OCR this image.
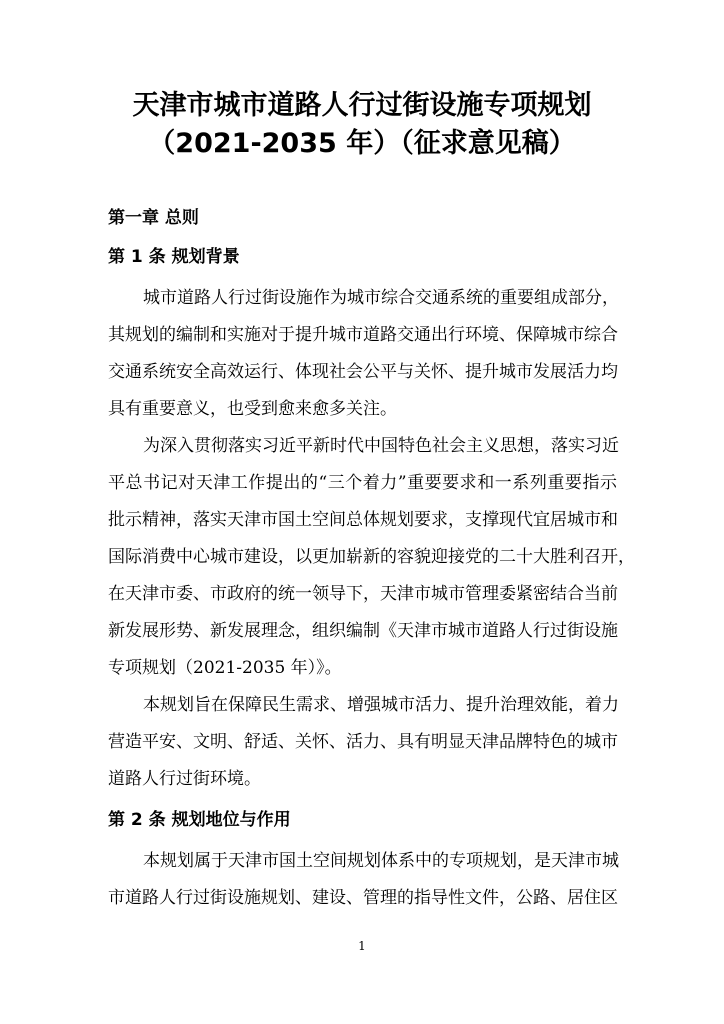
天津市城市道路人行过街设施专项规划
（2021-2035 年）（征求意见稿）
第一章 总则
第 1 条 规划背景
城市道路人行过街设施作为城市综合交通系统的重要组成部分，
其规划的编制和实施对于提升城市道路交通出行环境、保障城市综合
交通系统安全高效运行、体现社会公平与关怀、提升城市发展活力均
具有重要意义，也受到愈来愈多关注。
为深入贯彻落实习近平新时代中国特色社会主义思想，落实习近
平总书记对天津工作提出的“三个着力”重要要求和一系列重要指示
批示精神，落实天津市国土空间总体规划要求，支撑现代宜居城市和
国际消费中心城市建设，以更加崭新的容貌迎接党的二十大胜利召开，
在天津市委、市政府的统一领导下，天津市城市管理委紧密结合当前
新发展形势、新发展理念，组织编制《天津市城市道路人行过街设施
专项规划（2021-2035 年）》。
本规划旨在保障民生需求、增强城市活力、提升治理效能，着力
营造平安、文明、舒适、关怀、活力、具有明显天津品牌特色的城市
道路人行过街环境。
第 2 条 规划地位与作用
本规划属于天津市国土空间规划体系中的专项规划，是天津市城
市道路人行过街设施规划、建设、管理的指导性文件，公路、居住区
1
